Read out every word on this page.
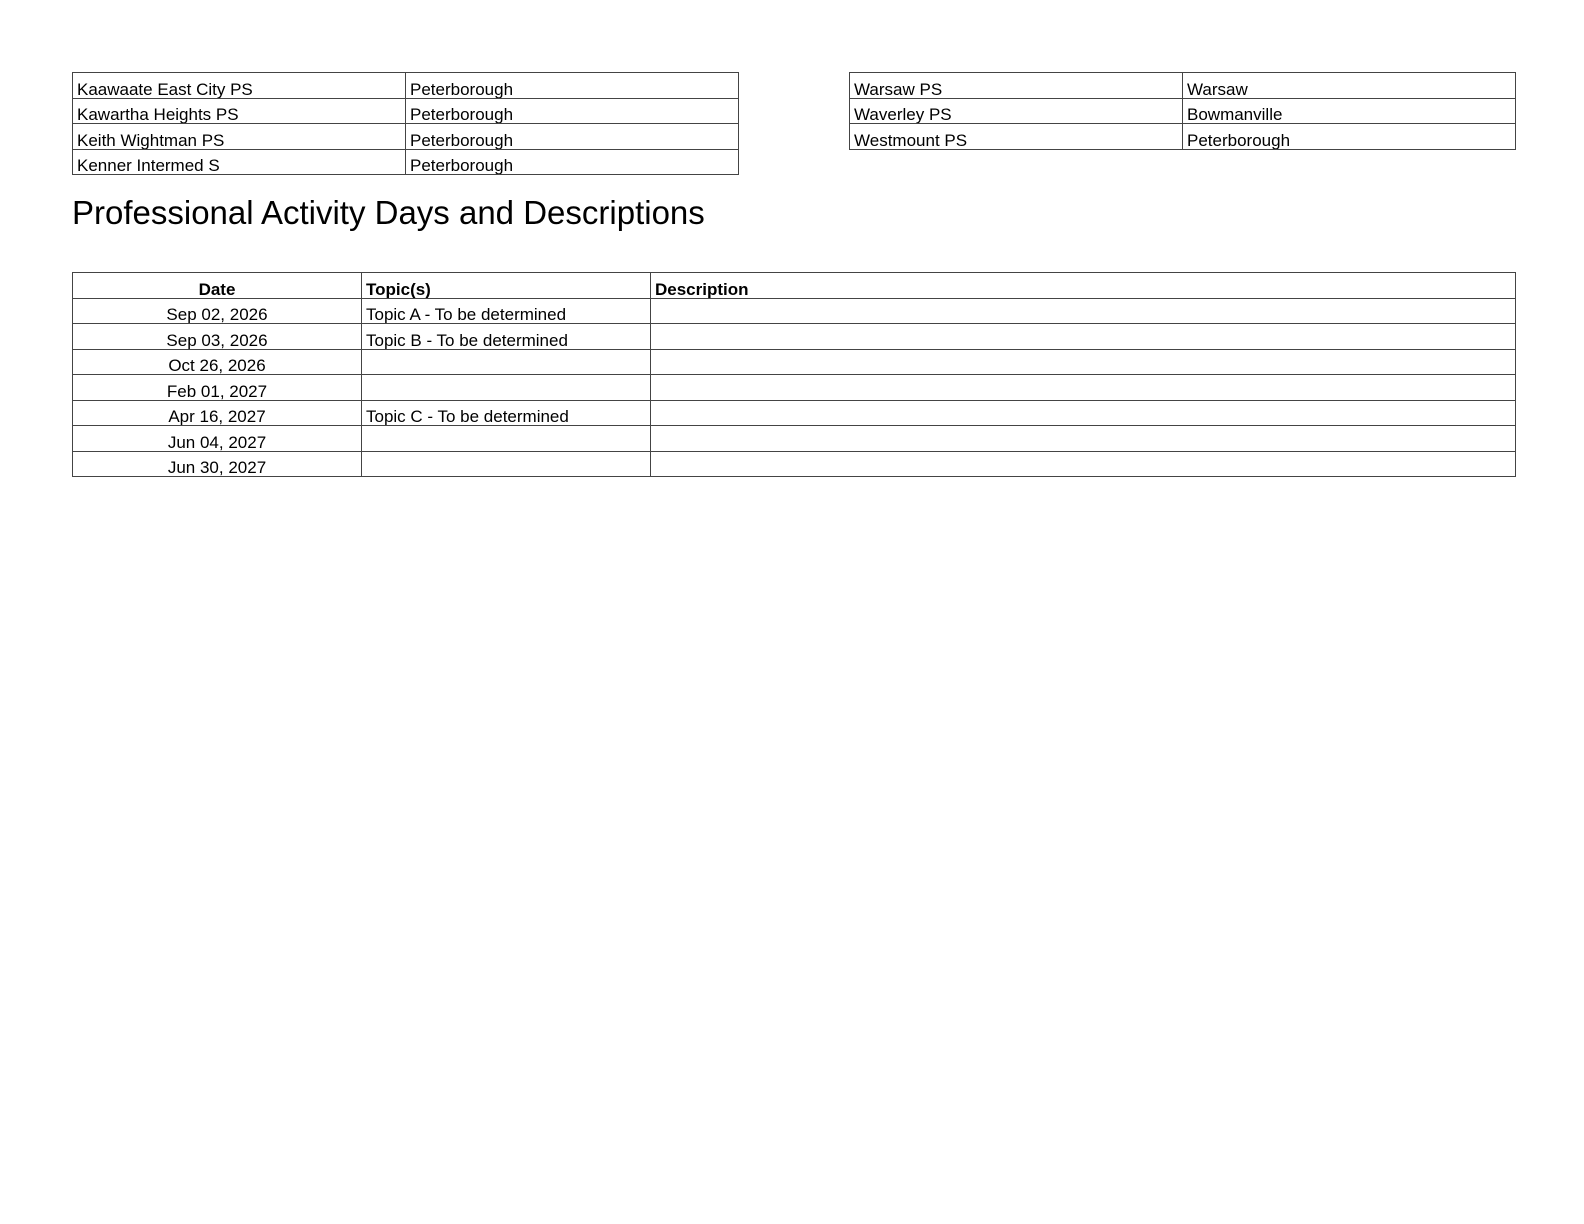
Kaawaate East City PS	Peterborough
Kawartha Heights PS	Peterborough
Keith Wightman PS	Peterborough
Kenner Intermed S	Peterborough
Warsaw PS	Warsaw
Waverley PS	Bowmanville
Westmount PS	Peterborough
Professional Activity Days and Descriptions
Date	Topic(s)	Description
Sep 02, 2026	Topic A - To be determined	
Sep 03, 2026	Topic B - To be determined	
Oct 26, 2026		
Feb 01, 2027		
Apr 16, 2027	Topic C - To be determined	
Jun 04, 2027		
Jun 30, 2027		
